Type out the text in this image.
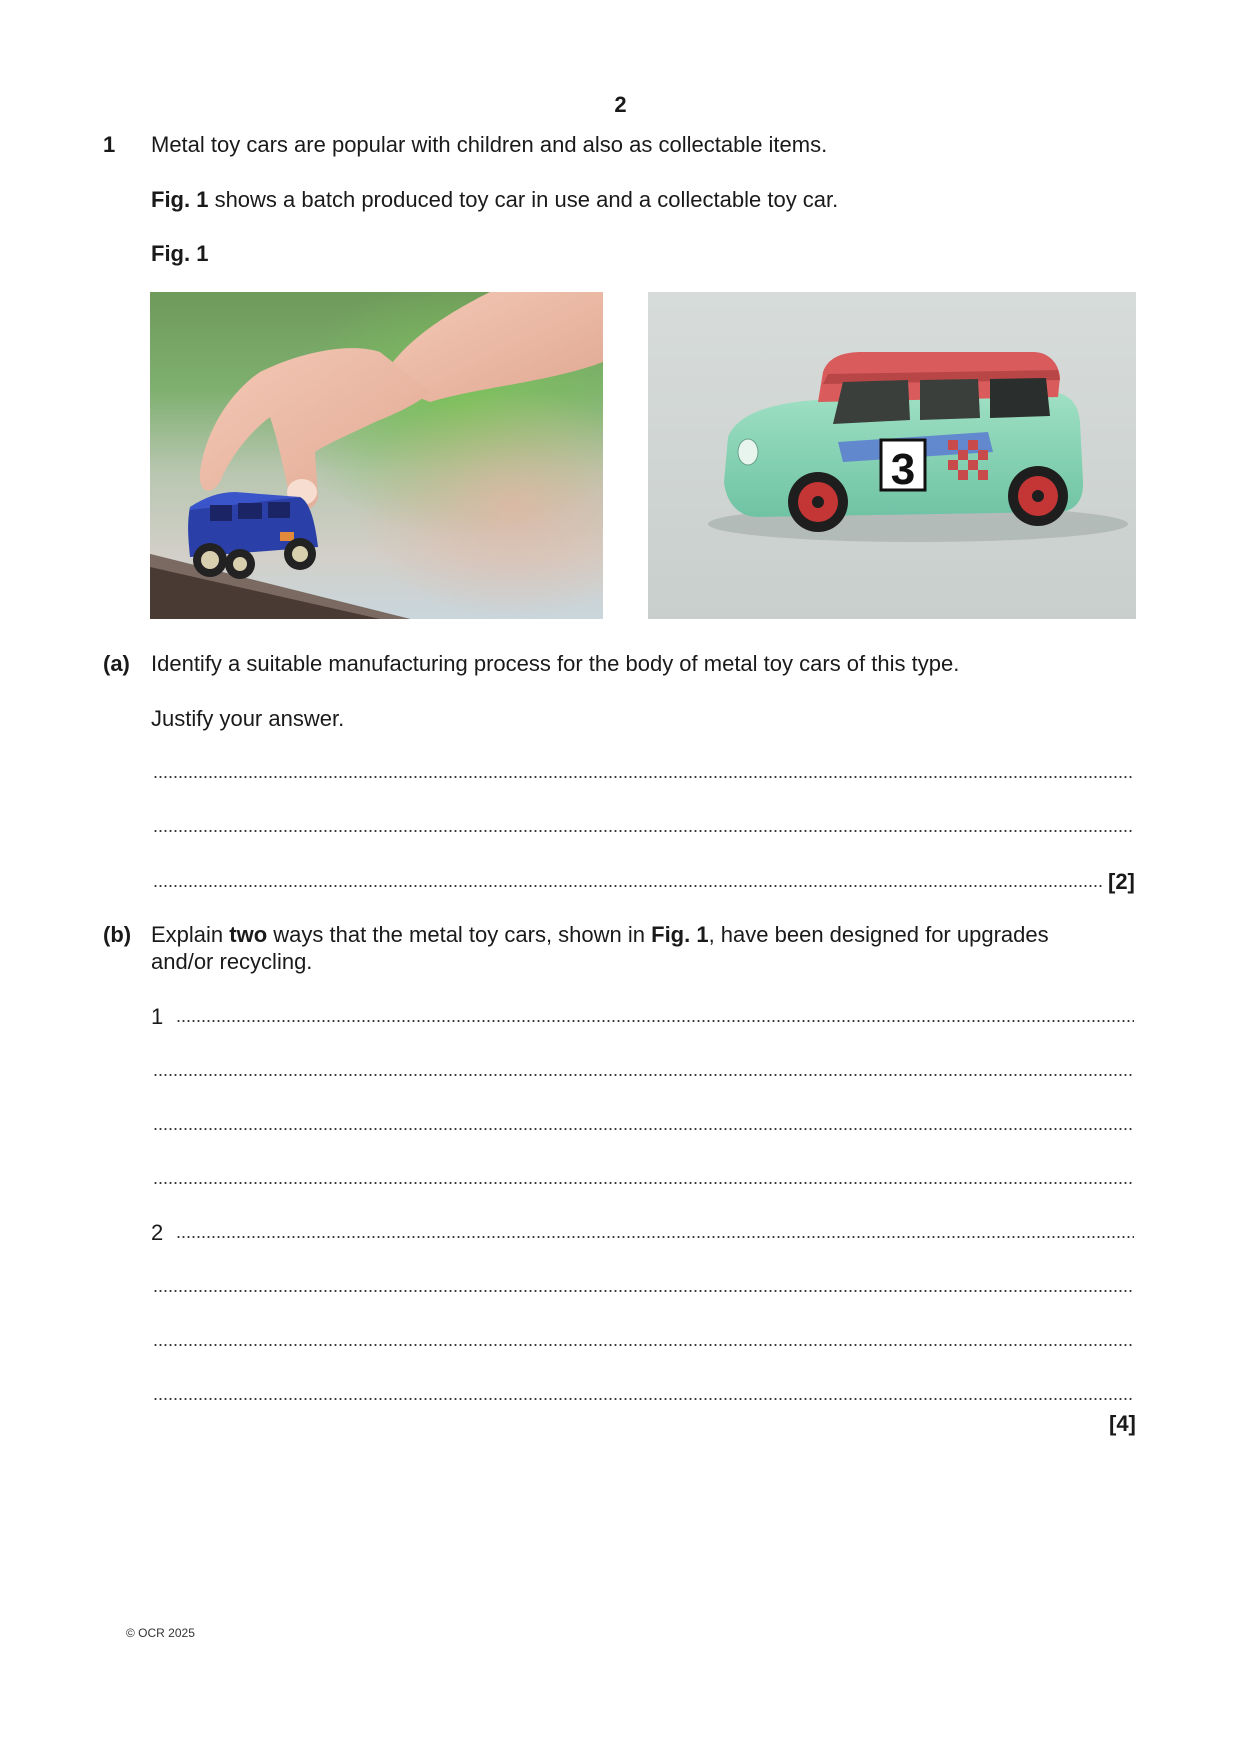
2
1 Metal toy cars are popular with children and also as collectable items.
Fig. 1 shows a batch produced toy car in use and a collectable toy car.
Fig. 1
3
(a) Identify a suitable manufacturing process for the body of metal toy cars of this type.
Justify your answer.
[2]
(b) Explain two ways that the metal toy cars, shown in Fig. 1, have been designed for upgrades
and/or recycling.
1
2
[4]
© OCR 2025
